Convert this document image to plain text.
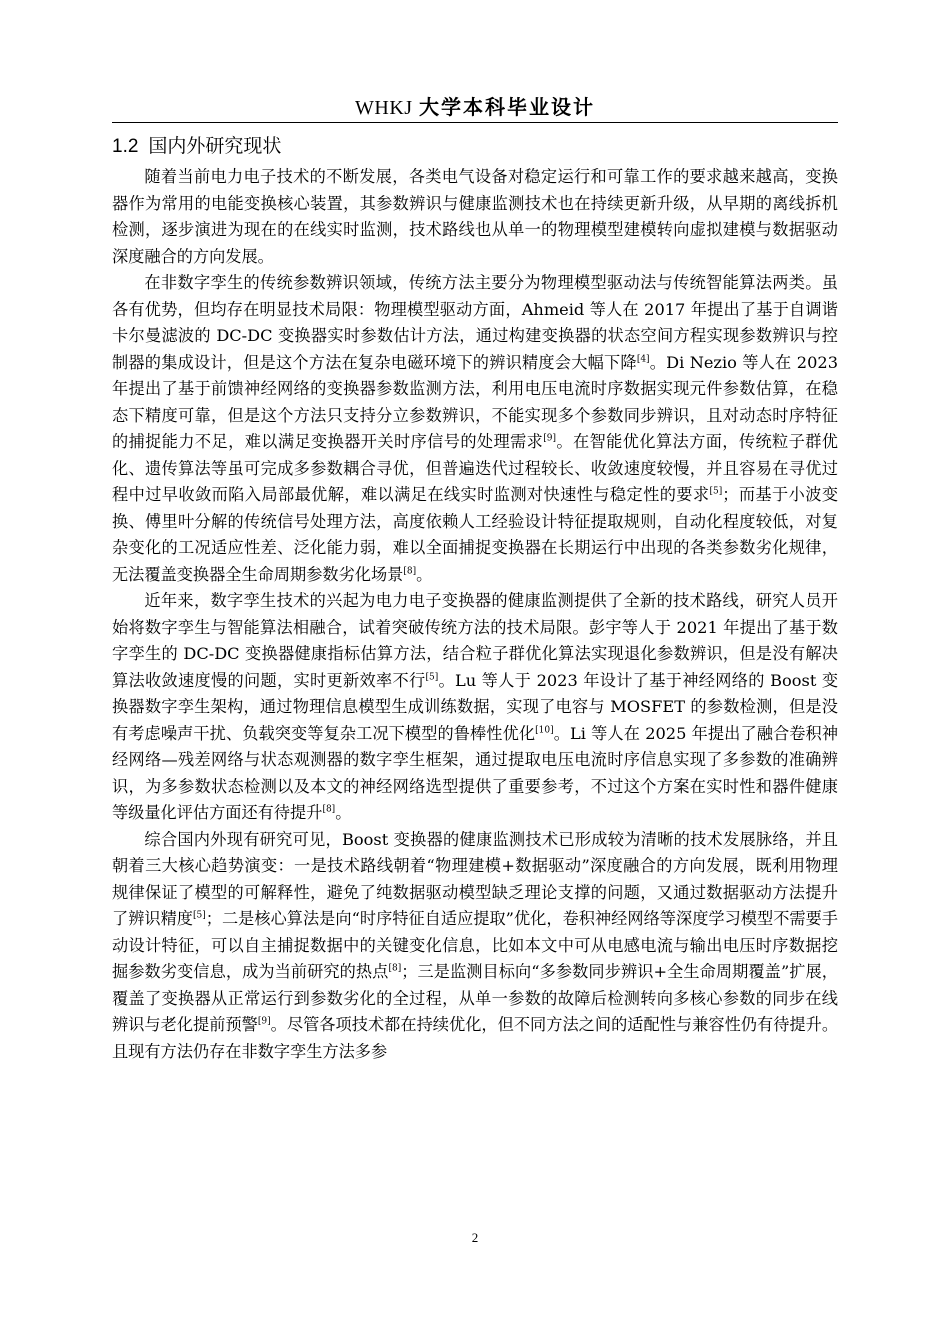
WHKJ 大学本科毕业设计
1.2 国内外研究现状

随着当前电力电子技术的不断发展，各类电气设备对稳定运行和可靠工作的要求越来越高，变换器作为常用的电能变换核心装置，其参数辨识与健康监测技术也在持续更新升级，从早期的离线拆机检测，逐步演进为现在的在线实时监测，技术路线也从单一的物理模型建模转向虚拟建模与数据驱动深度融合的方向发展。

在非数字孪生的传统参数辨识领域，传统方法主要分为物理模型驱动法与传统智能算法两类。虽各有优势，但均存在明显技术局限：物理模型驱动方面，Ahmeid 等人在 2017 年提出了基于自调谐卡尔曼滤波的 DC-DC 变换器实时参数估计方法，通过构建变换器的状态空间方程实现参数辨识与控制器的集成设计，但是这个方法在复杂电磁环境下的辨识精度会大幅下降[4]。Di Nezio 等人在 2023 年提出了基于前馈神经网络的变换器参数监测方法，利用电压电流时序数据实现元件参数估算，在稳态下精度可靠，但是这个方法只支持分立参数辨识，不能实现多个参数同步辨识，且对动态时序特征的捕捉能力不足，难以满足变换器开关时序信号的处理需求[9]。在智能优化算法方面，传统粒子群优化、遗传算法等虽可完成多参数耦合寻优，但普遍迭代过程较长、收敛速度较慢，并且容易在寻优过程中过早收敛而陷入局部最优解，难以满足在线实时监测对快速性与稳定性的要求[5]；而基于小波变换、傅里叶分解的传统信号处理方法，高度依赖人工经验设计特征提取规则，自动化程度较低，对复杂变化的工况适应性差、泛化能力弱，难以全面捕捉变换器在长期运行中出现的各类参数劣化规律，无法覆盖变换器全生命周期参数劣化场景[8]。

近年来，数字孪生技术的兴起为电力电子变换器的健康监测提供了全新的技术路线，研究人员开始将数字孪生与智能算法相融合，试着突破传统方法的技术局限。彭宇等人于 2021 年提出了基于数字孪生的 DC-DC 变换器健康指标估算方法，结合粒子群优化算法实现退化参数辨识，但是没有解决算法收敛速度慢的问题，实时更新效率不行[5]。Lu 等人于 2023 年设计了基于神经网络的 Boost 变换器数字孪生架构，通过物理信息模型生成训练数据，实现了电容与 MOSFET 的参数检测，但是没有考虑噪声干扰、负载突变等复杂工况下模型的鲁棒性优化[10]。Li 等人在 2025 年提出了融合卷积神经网络—残差网络与状态观测器的数字孪生框架，通过提取电压电流时序信息实现了多参数的准确辨识，为多参数状态检测以及本文的神经网络选型提供了重要参考，不过这个方案在实时性和器件健康等级量化评估方面还有待提升[8]。

综合国内外现有研究可见，Boost 变换器的健康监测技术已形成较为清晰的技术发展脉络，并且朝着三大核心趋势演变：一是技术路线朝着“物理建模+数据驱动”深度融合的方向发展，既利用物理规律保证了模型的可解释性，避免了纯数据驱动模型缺乏理论支撑的问题，又通过数据驱动方法提升了辨识精度[5]；二是核心算法是向“时序特征自适应提取”优化，卷积神经网络等深度学习模型不需要手动设计特征，可以自主捕捉数据中的关键变化信息，比如本文中可从电感电流与输出电压时序数据挖掘参数劣变信息，成为当前研究的热点[8]；三是监测目标向“多参数同步辨识+全生命周期覆盖”扩展，覆盖了变换器从正常运行到参数劣化的全过程，从单一参数的故障后检测转向多核心参数的同步在线辨识与老化提前预警[9]。尽管各项技术都在持续优化，但不同方法之间的适配性与兼容性仍有待提升。且现有方法仍存在非数字孪生方法多参

2
